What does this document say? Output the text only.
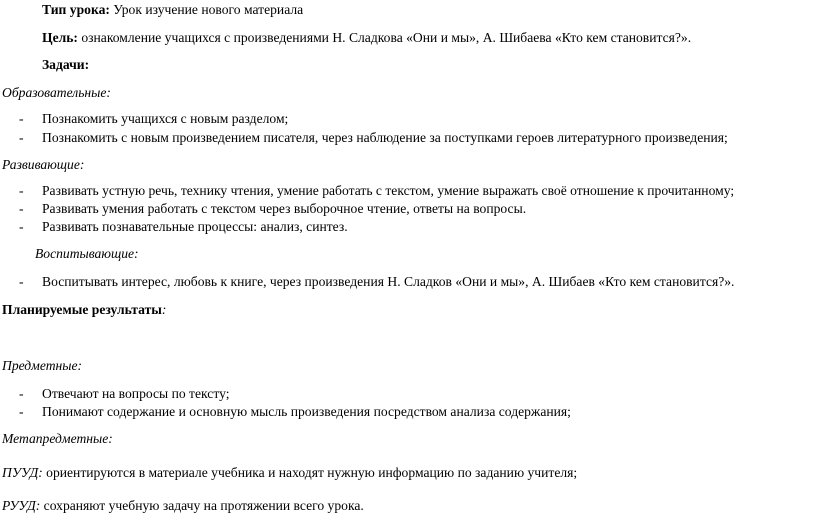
Тип урока: Урок изучение нового материала
Цель: ознакомление учащихся с произведениями Н. Сладкова «Они и мы», А. Шибаева «Кто кем становится?».
Задачи:
Образовательные:
- Познакомить учащихся с новым разделом;
- Познакомить с новым произведением писателя, через наблюдение за поступками героев литературного произведения;
Развивающие:
- Развивать устную речь, технику чтения, умение работать с текстом, умение выражать своё отношение к прочитанному;
- Развивать умения работать с текстом через выборочное чтение, ответы на вопросы.
- Развивать познавательные процессы: анализ, синтез.
Воспитывающие:
- Воспитывать интерес, любовь к книге, через произведения Н. Сладков «Они и мы», А. Шибаев «Кто кем становится?».
Планируемые результаты:
Предметные:
- Отвечают на вопросы по тексту;
- Понимают содержание и основную мысль произведения посредством анализа содержания;
Метапредметные:
ПУУД: ориентируются в материале учебника и находят нужную информацию по заданию учителя;
РУУД: сохраняют учебную задачу на протяжении всего урока.
